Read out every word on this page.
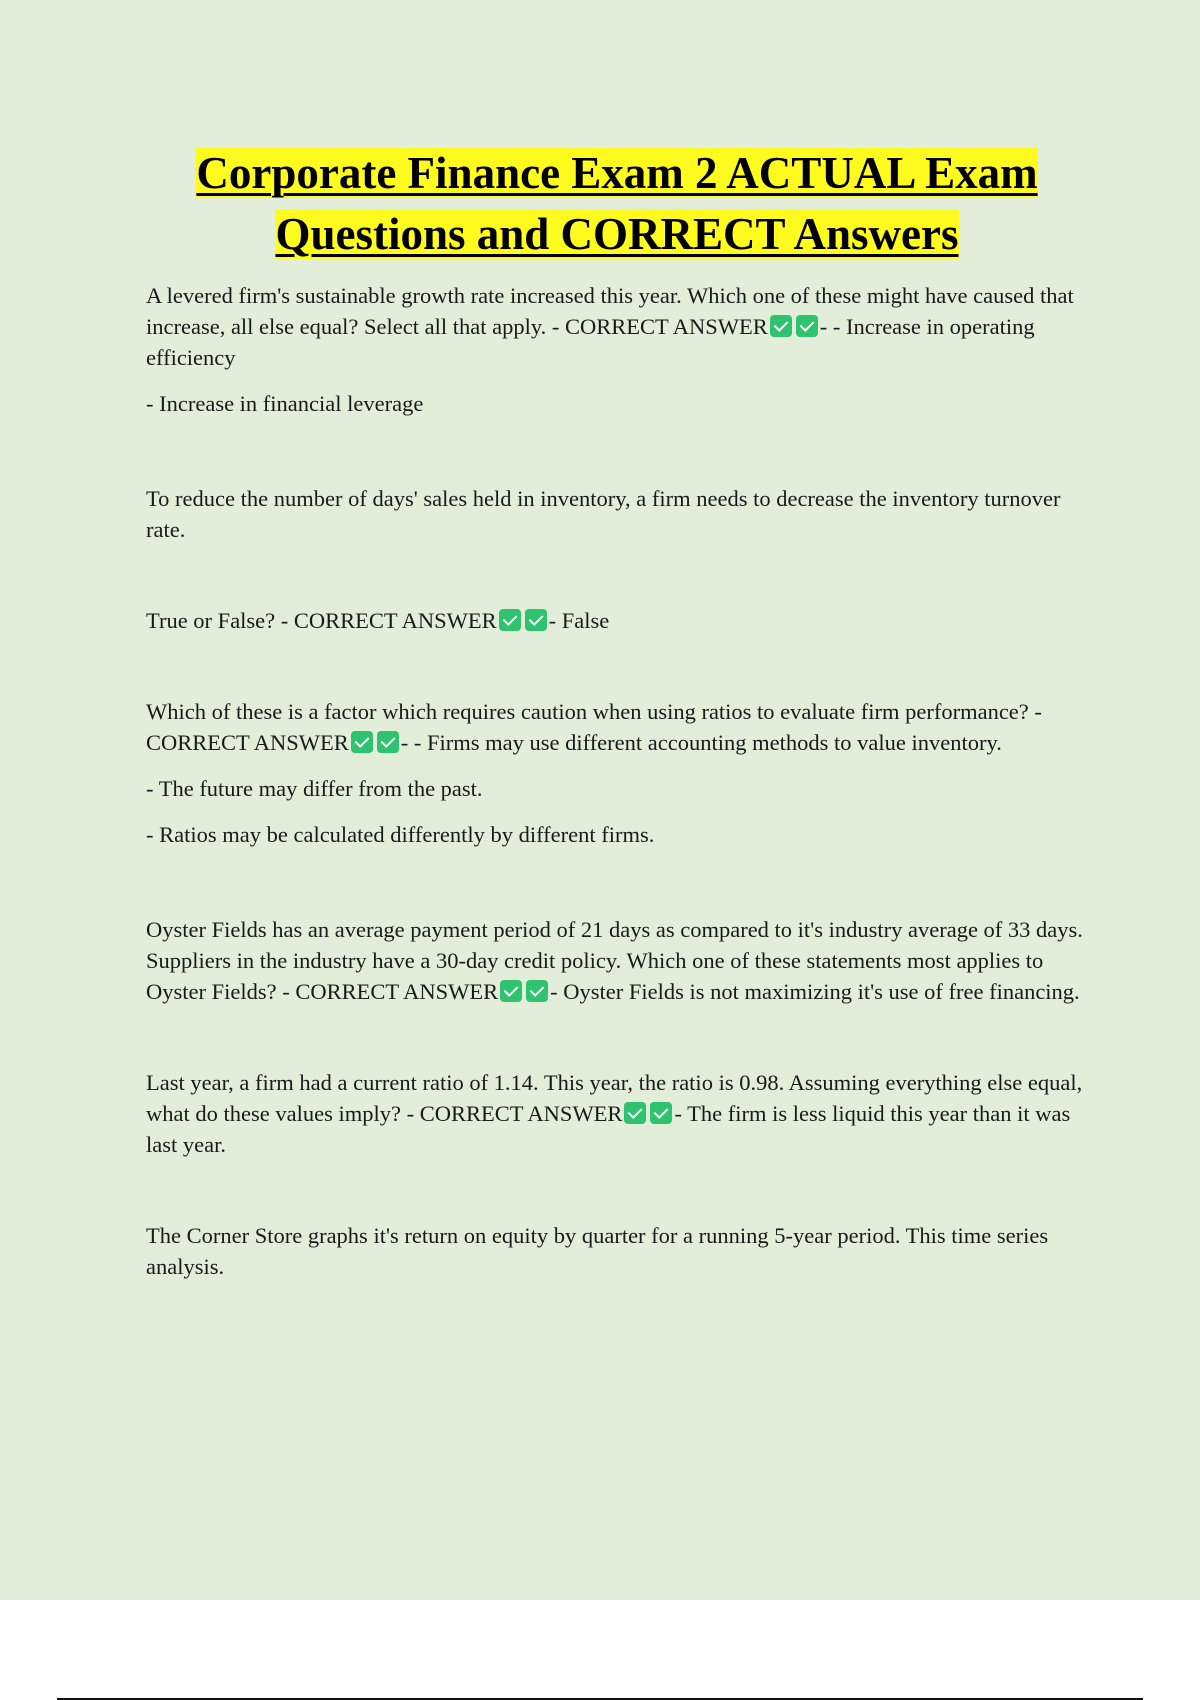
Corporate Finance Exam 2 ACTUAL Exam Questions and CORRECT Answers

A levered firm's sustainable growth rate increased this year. Which one of these might have caused that increase, all else equal? Select all that apply. - CORRECT ANSWER - - Increase in operating efficiency

- Increase in financial leverage

To reduce the number of days' sales held in inventory, a firm needs to decrease the inventory turnover rate.

True or False? - CORRECT ANSWER - False

Which of these is a factor which requires caution when using ratios to evaluate firm performance? - CORRECT ANSWER - - Firms may use different accounting methods to value inventory.

- The future may differ from the past.

- Ratios may be calculated differently by different firms.

Oyster Fields has an average payment period of 21 days as compared to it's industry average of 33 days. Suppliers in the industry have a 30-day credit policy. Which one of these statements most applies to Oyster Fields? - CORRECT ANSWER - Oyster Fields is not maximizing it's use of free financing.

Last year, a firm had a current ratio of 1.14. This year, the ratio is 0.98. Assuming everything else equal, what do these values imply? - CORRECT ANSWER - The firm is less liquid this year than it was last year.

The Corner Store graphs it's return on equity by quarter for a running 5-year period. This time series analysis.
